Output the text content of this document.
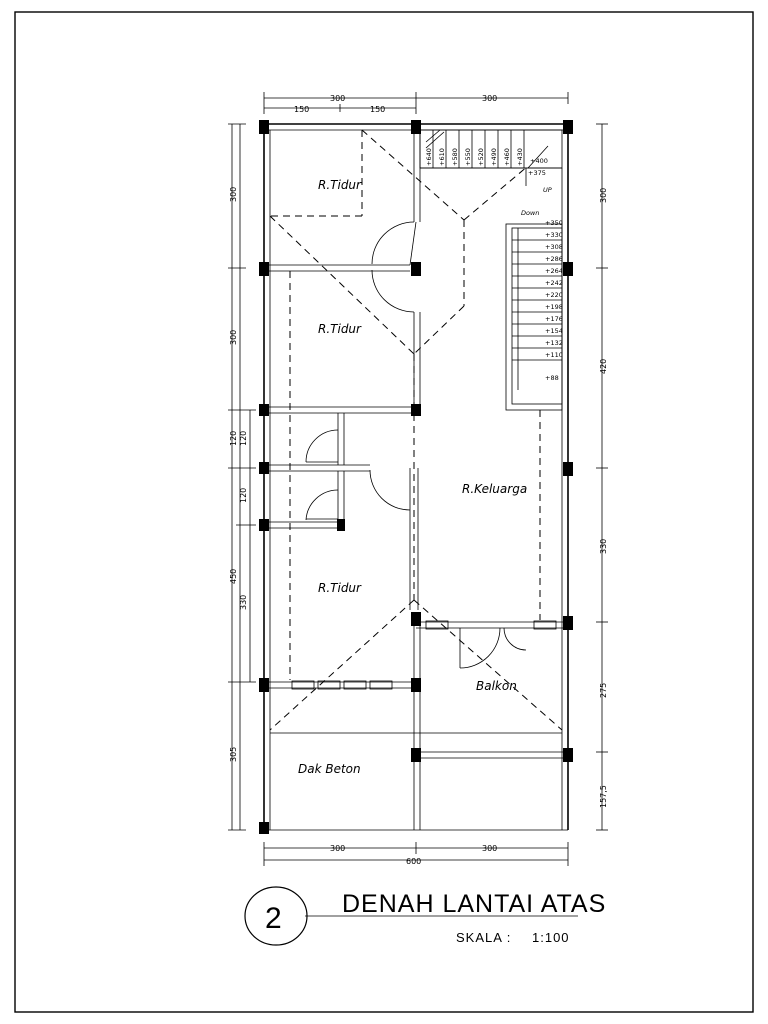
+640 +610 +580 +550 +520 +490 +460 +430 +400
+375
UP
Down
+350
+330
+308
+286
+264
+242
+220
+198
+176
+154
+132
+110
+88
R.Tidur
R.Tidur
R.Tidur
R.Keluarga
Balkon
Dak Beton
300	300
150	150
300	300
600
300
300
120 120
120
330
450
305
300
420
330
275
157,5
2 DENAH LANTAI ATAS
SKALA : 1:100
